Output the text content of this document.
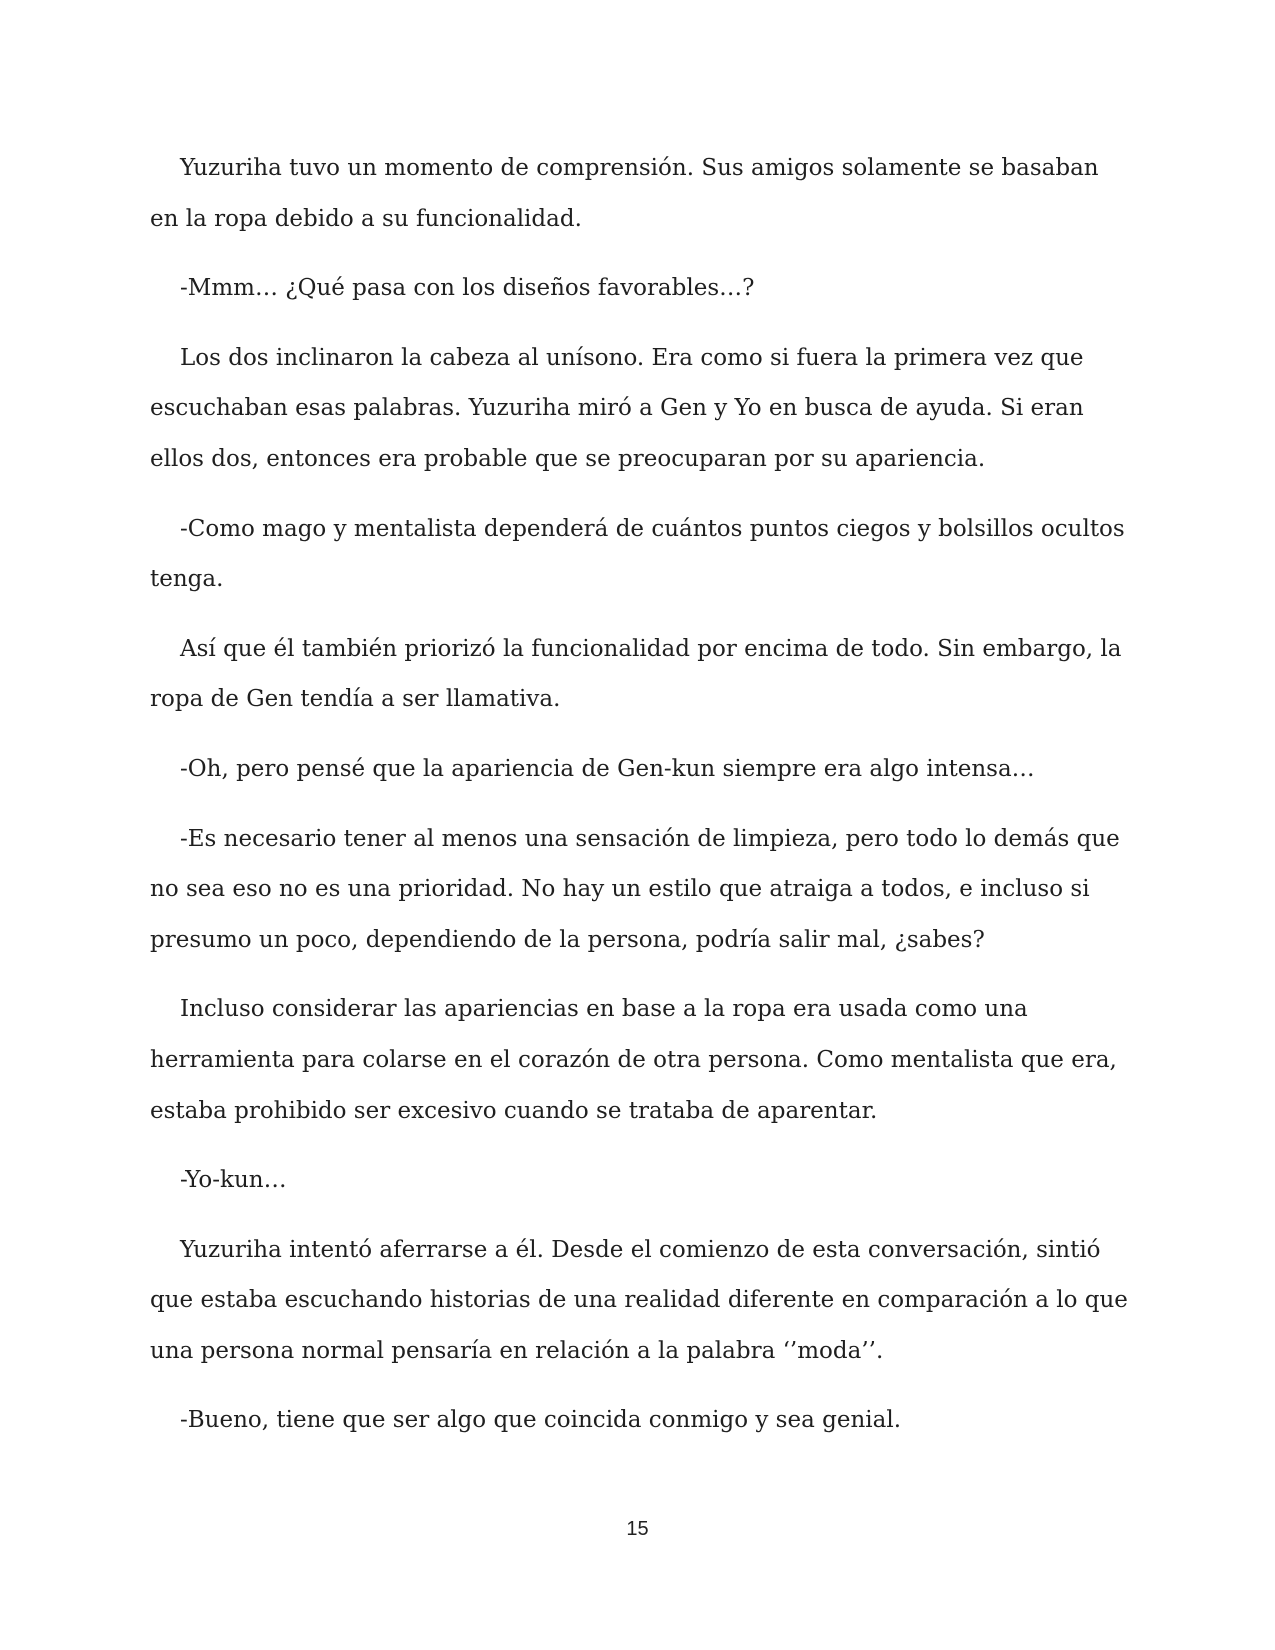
Yuzuriha tuvo un momento de comprensión. Sus amigos solamente se basaban en la ropa debido a su funcionalidad.

-Mmm… ¿Qué pasa con los diseños favorables…?

Los dos inclinaron la cabeza al unísono. Era como si fuera la primera vez que escuchaban esas palabras. Yuzuriha miró a Gen y Yo en busca de ayuda. Si eran ellos dos, entonces era probable que se preocuparan por su apariencia.

-Como mago y mentalista dependerá de cuántos puntos ciegos y bolsillos ocultos tenga.

Así que él también priorizó la funcionalidad por encima de todo. Sin embargo, la ropa de Gen tendía a ser llamativa.

-Oh, pero pensé que la apariencia de Gen-kun siempre era algo intensa…

-Es necesario tener al menos una sensación de limpieza, pero todo lo demás que no sea eso no es una prioridad. No hay un estilo que atraiga a todos, e incluso si presumo un poco, dependiendo de la persona, podría salir mal, ¿sabes?

Incluso considerar las apariencias en base a la ropa era usada como una herramienta para colarse en el corazón de otra persona. Como mentalista que era, estaba prohibido ser excesivo cuando se trataba de aparentar.

-Yo-kun…

Yuzuriha intentó aferrarse a él. Desde el comienzo de esta conversación, sintió que estaba escuchando historias de una realidad diferente en comparación a lo que una persona normal pensaría en relación a la palabra ‘’moda’’.

-Bueno, tiene que ser algo que coincida conmigo y sea genial.

15
